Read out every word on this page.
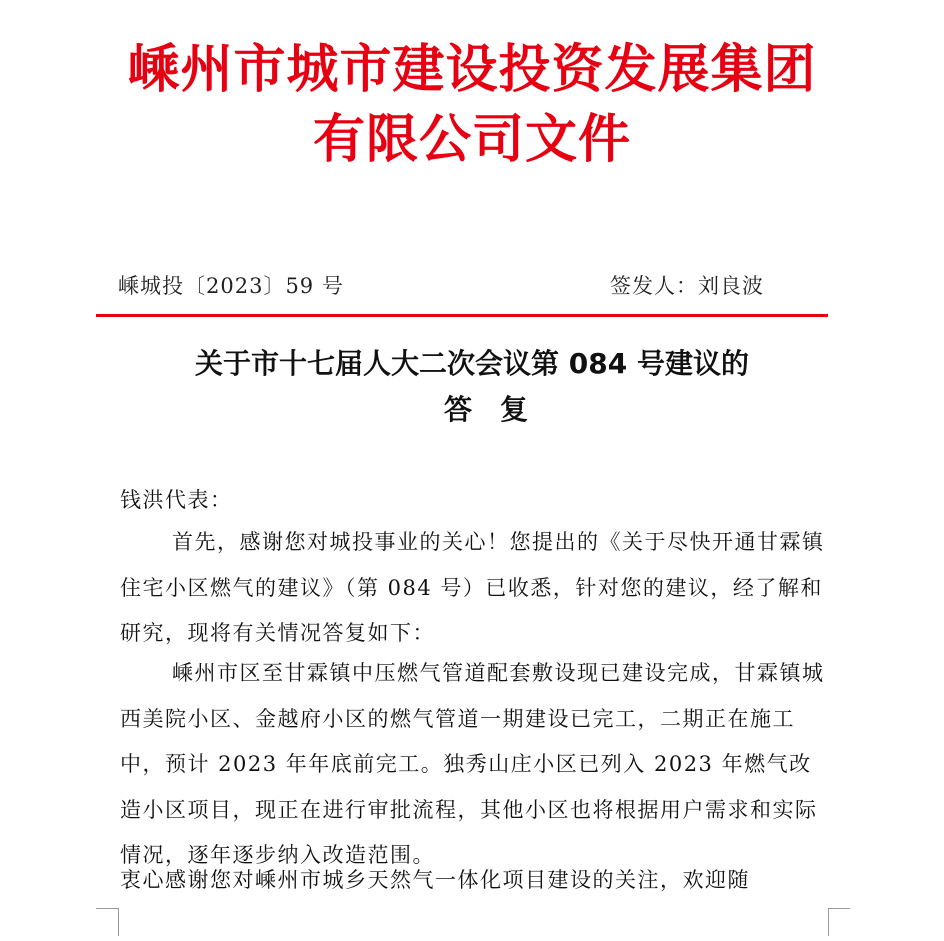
嵊州市城市建设投资发展集团
有限公司文件
嵊城投〔2023〕59 号	签发人：刘良波
关于市十七届人大二次会议第 084 号建议的
答复
钱洪代表：
首先，感谢您对城投事业的关心！您提出的《关于尽快开通甘霖镇住宅小区燃气的建议》（第 084 号）已收悉，针对您的建议，经了解和研究，现将有关情况答复如下：
嵊州市区至甘霖镇中压燃气管道配套敷设现已建设完成，甘霖镇城西美院小区、金越府小区的燃气管道一期建设已完工，二期正在施工中，预计 2023 年年底前完工。独秀山庄小区已列入 2023 年燃气改造小区项目，现正在进行审批流程，其他小区也将根据用户需求和实际情况，逐年逐步纳入改造范围。
衷心感谢您对嵊州市城乡天然气一体化项目建设的关注，欢迎随
